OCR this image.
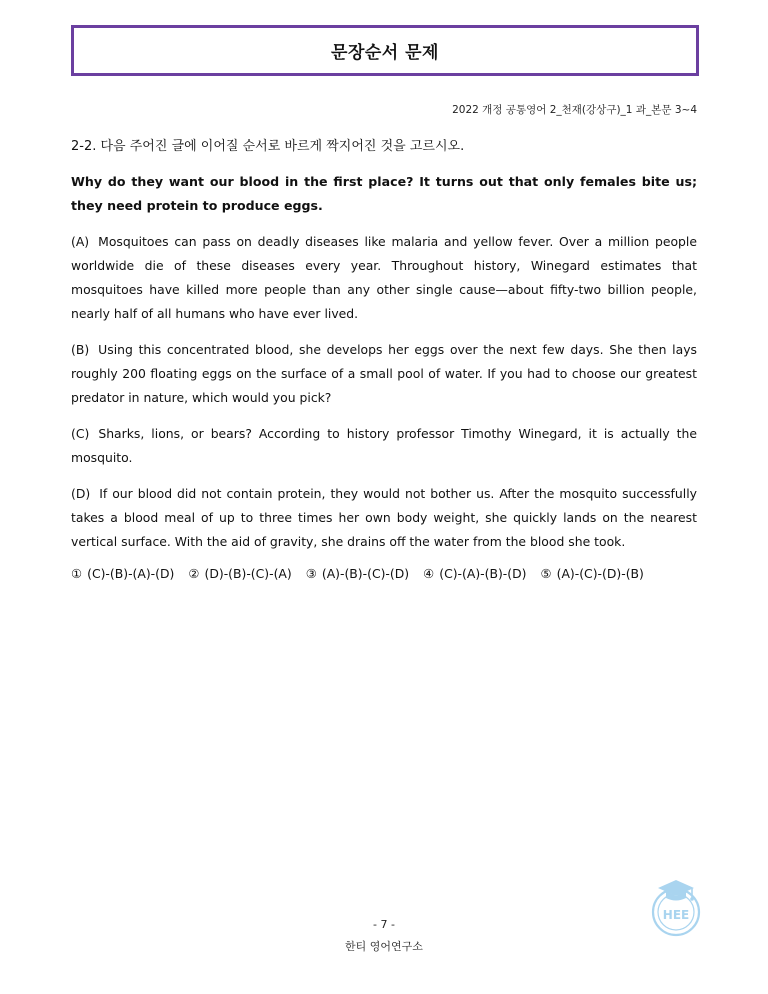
문장순서 문제
2022 개정 공통영어 2_천재(강상구)_1 과_본문 3~4
2-2. 다음 주어진 글에 이어질 순서로 바르게 짝지어진 것을 고르시오.

Why do they want our blood in the first place? It turns out that only females bite us; they need protein to produce eggs.

(A) Mosquitoes can pass on deadly diseases like malaria and yellow fever. Over a million people worldwide die of these diseases every year. Throughout history, Winegard estimates that mosquitoes have killed more people than any other single cause—about fifty-two billion people, nearly half of all humans who have ever lived.

(B) Using this concentrated blood, she develops her eggs over the next few days. She then lays roughly 200 floating eggs on the surface of a small pool of water. If you had to choose our greatest predator in nature, which would you pick?

(C) Sharks, lions, or bears? According to history professor Timothy Winegard, it is actually the mosquito.

(D) If our blood did not contain protein, they would not bother us. After the mosquito successfully takes a blood meal of up to three times her own body weight, she quickly lands on the nearest vertical surface. With the aid of gravity, she drains off the water from the blood she took.

① (C)-(B)-(A)-(D) ② (D)-(B)-(C)-(A) ③ (A)-(B)-(C)-(D) ④ (C)-(A)-(B)-(D) ⑤ (A)-(C)-(D)-(B)
HEE
- 7 -
한티 영어연구소
